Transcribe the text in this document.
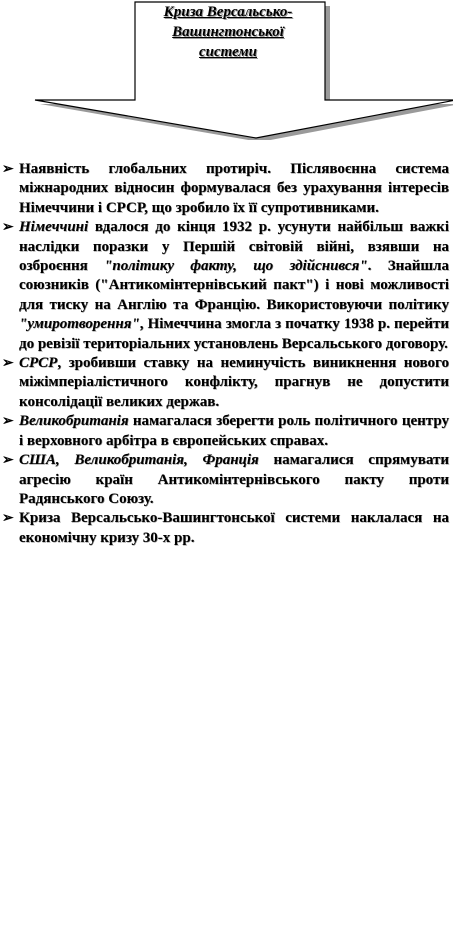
Криза Версальсько-
Вашингтонської
системи
➢ Наявність глобальних протиріч. Післявоєнна система міжнародних відносин формувалася без урахування інтересів Німеччини і СРСР, що зробило їх її супротивниками.
➢ Німеччині вдалося до кінця 1932 р. усунути найбільш важкі наслідки поразки у Першій світовій війні, взявши на озброєння "політику факту, що здійснився". Знайшла союзників ("Антикомінтернівський пакт") і нові можливості для тиску на Англію та Францію. Використовуючи політику "умиротворення", Німеччина змогла з початку 1938 р. перейти до ревізії територіальних установлень Версальського договору.
➢ СРСР, зробивши ставку на неминучість виникнення нового міжімперіалістичного конфлікту, прагнув не допустити консолідації великих держав.
➢ Великобританія намагалася зберегти роль політичного центру і верховного арбітра в європейських справах.
➢ США, Великобританія, Франція намагалися спрямувати агресію країн Антикомінтернівського пакту проти Радянського Союзу.
➢ Криза Версальсько-Вашингтонської системи наклалася на економічну кризу 30-х рр.
